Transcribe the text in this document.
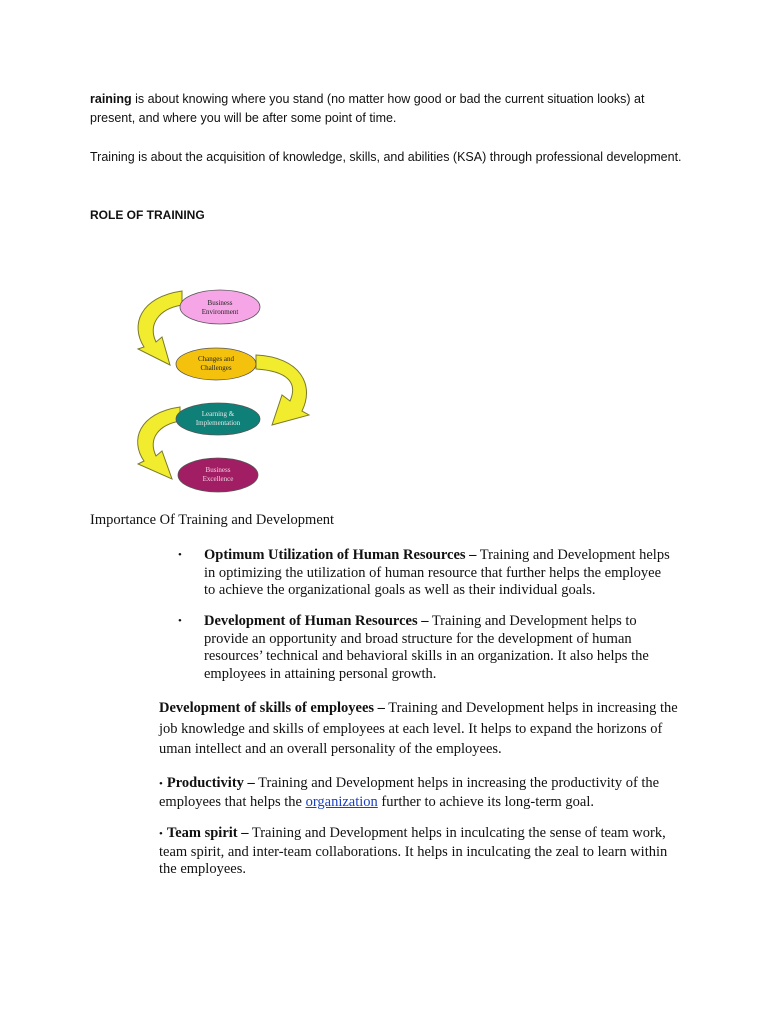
raining is about knowing where you stand (no matter how good or bad the current situation looks) at present, and where you will be after some point of time.
Training is about the acquisition of knowledge, skills, and abilities (KSA) through professional development.
ROLE OF TRAINING
Business
Environment
Changes and
Challenges
Learning &
Implementation
Business
Excellence
Importance Of Training and Development
• Optimum Utilization of Human Resources – Training and Development helps in optimizing the utilization of human resource that further helps the employee to achieve the organizational goals as well as their individual goals.
• Development of Human Resources – Training and Development helps to provide an opportunity and broad structure for the development of human resources’ technical and behavioral skills in an organization. It also helps the employees in attaining personal growth.
Development of skills of employees – Training and Development helps in increasing the job knowledge and skills of employees at each level. It helps to expand the horizons of uman intellect and an overall personality of the employees.
• Productivity – Training and Development helps in increasing the productivity of the employees that helps the organization further to achieve its long-term goal.
• Team spirit – Training and Development helps in inculcating the sense of team work, team spirit, and inter-team collaborations. It helps in inculcating the zeal to learn within the employees.
